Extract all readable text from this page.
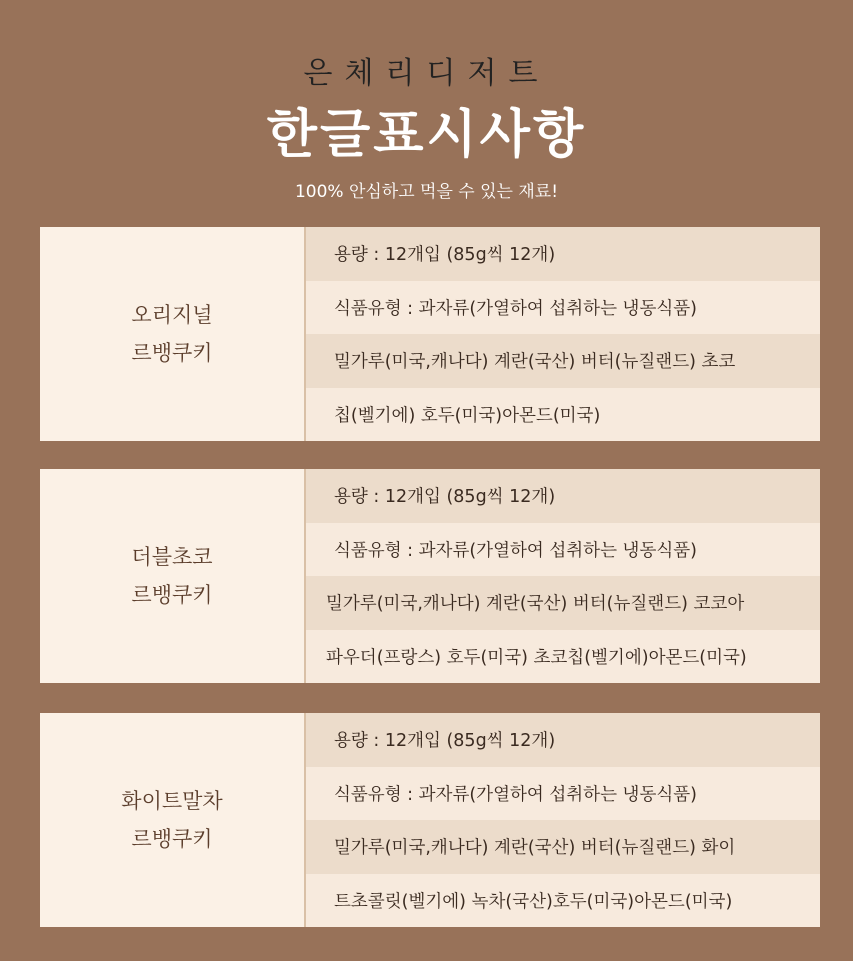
은체리디저트
한글표시사항
100% 안심하고 먹을 수 있는 재료!
오리지널
르뱅쿠키
용량 : 12개입 (85g씩 12개)
식품유형 : 과자류(가열하여 섭취하는 냉동식품)
밀가루(미국,캐나다) 계란(국산) 버터(뉴질랜드) 초코
칩(벨기에) 호두(미국)아몬드(미국)
더블초코
르뱅쿠키
용량 : 12개입 (85g씩 12개)
식품유형 : 과자류(가열하여 섭취하는 냉동식품)
밀가루(미국,캐나다) 계란(국산) 버터(뉴질랜드) 코코아
파우더(프랑스) 호두(미국) 초코칩(벨기에)아몬드(미국)
화이트말차
르뱅쿠키
용량 : 12개입 (85g씩 12개)
식품유형 : 과자류(가열하여 섭취하는 냉동식품)
밀가루(미국,캐나다) 계란(국산) 버터(뉴질랜드) 화이
트초콜릿(벨기에) 녹차(국산)호두(미국)아몬드(미국)
